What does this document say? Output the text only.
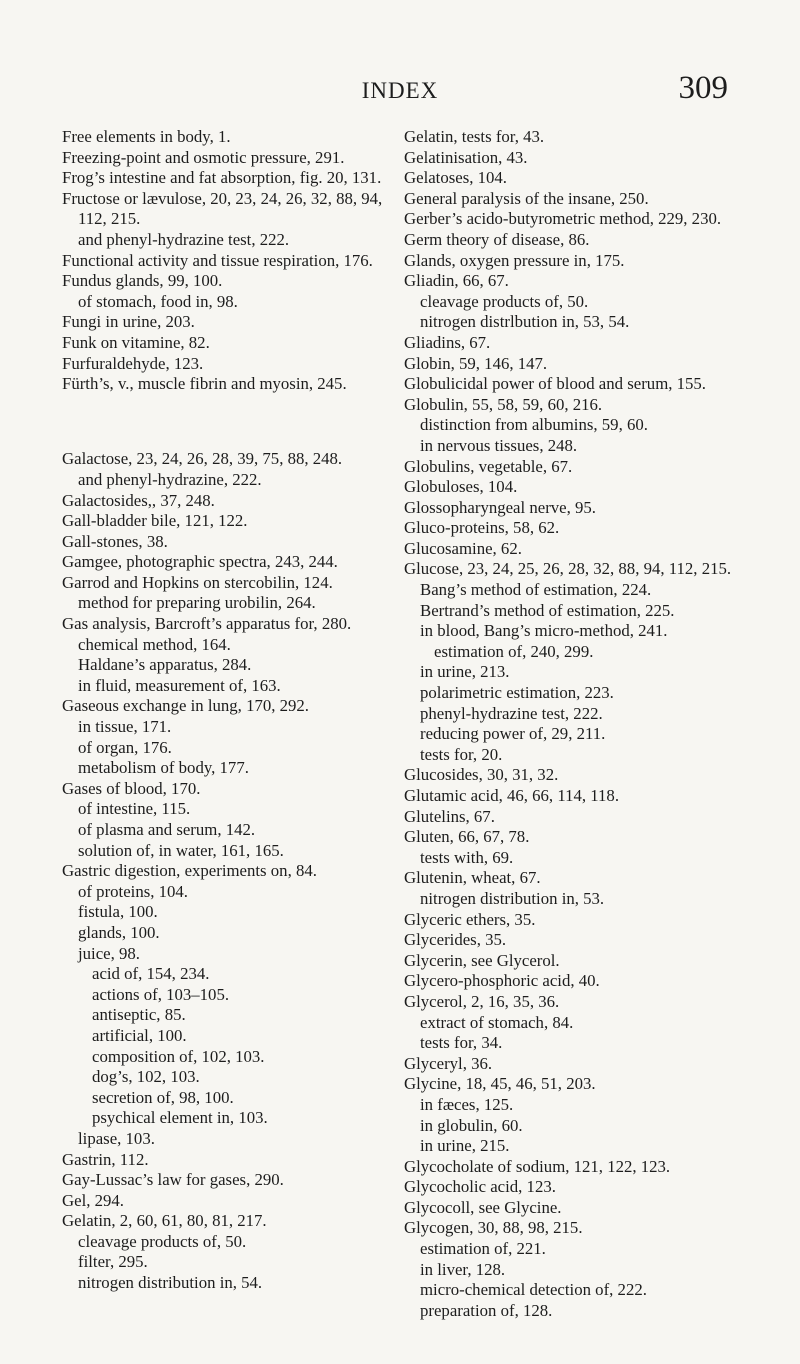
INDEX	309

Free elements in body, 1.

Freezing-point and osmotic pressure, 291.

Frog’s intestine and fat absorption, fig. 20, 131.

Fructose or lævulose, 20, 23, 24, 26, 32, 88, 94, 112, 215.

and phenyl-hydrazine test, 222.

Functional activity and tissue respiration, 176.

Fundus glands, 99, 100.

of stomach, food in, 98.

Fungi in urine, 203.

Funk on vitamine, 82.

Furfuraldehyde, 123.

Fürth’s, v., muscle fibrin and myosin, 245.

Galactose, 23, 24, 26, 28, 39, 75, 88, 248.

and phenyl-hydrazine, 222.

Galactosides,, 37, 248.

Gall-bladder bile, 121, 122.

Gall-stones, 38.

Gamgee, photographic spectra, 243, 244.

Garrod and Hopkins on stercobilin, 124.

method for preparing urobilin, 264.

Gas analysis, Barcroft’s apparatus for, 280.

chemical method, 164.

Haldane’s apparatus, 284.

in fluid, measurement of, 163.

Gaseous exchange in lung, 170, 292.

in tissue, 171.

of organ, 176.

metabolism of body, 177.

Gases of blood, 170.

of intestine, 115.

of plasma and serum, 142.

solution of, in water, 161, 165.

Gastric digestion, experiments on, 84.

of proteins, 104.

fistula, 100.

glands, 100.

juice, 98.

acid of, 154, 234.

actions of, 103–105.

antiseptic, 85.

artificial, 100.

composition of, 102, 103.

dog’s, 102, 103.

secretion of, 98, 100.

psychical element in, 103.

lipase, 103.

Gastrin, 112.

Gay-Lussac’s law for gases, 290.

Gel, 294.

Gelatin, 2, 60, 61, 80, 81, 217.

cleavage products of, 50.

filter, 295.

nitrogen distribution in, 54.

Gelatin, tests for, 43.

Gelatinisation, 43.

Gelatoses, 104.

General paralysis of the insane, 250.

Gerber’s acido-butyrometric method, 229, 230.

Germ theory of disease, 86.

Glands, oxygen pressure in, 175.

Gliadin, 66, 67.

cleavage products of, 50.

nitrogen distrlbution in, 53, 54.

Gliadins, 67.

Globin, 59, 146, 147.

Globulicidal power of blood and serum, 155.

Globulin, 55, 58, 59, 60, 216.

distinction from albumins, 59, 60.

in nervous tissues, 248.

Globulins, vegetable, 67.

Globuloses, 104.

Glossopharyngeal nerve, 95.

Gluco-proteins, 58, 62.

Glucosamine, 62.

Glucose, 23, 24, 25, 26, 28, 32, 88, 94, 112, 215.

Bang’s method of estimation, 224.

Bertrand’s method of estimation, 225.

in blood, Bang’s micro-method, 241.

estimation of, 240, 299.

in urine, 213.

polarimetric estimation, 223.

phenyl-hydrazine test, 222.

reducing power of, 29, 211.

tests for, 20.

Glucosides, 30, 31, 32.

Glutamic acid, 46, 66, 114, 118.

Glutelins, 67.

Gluten, 66, 67, 78.

tests with, 69.

Glutenin, wheat, 67.

nitrogen distribution in, 53.

Glyceric ethers, 35.

Glycerides, 35.

Glycerin, see Glycerol.

Glycero-phosphoric acid, 40.

Glycerol, 2, 16, 35, 36.

extract of stomach, 84.

tests for, 34.

Glyceryl, 36.

Glycine, 18, 45, 46, 51, 203.

in fæces, 125.

in globulin, 60.

in urine, 215.

Glycocholate of sodium, 121, 122, 123.

Glycocholic acid, 123.

Glycocoll, see Glycine.

Glycogen, 30, 88, 98, 215.

estimation of, 221.

in liver, 128.

micro-chemical detection of, 222.

preparation of, 128.
